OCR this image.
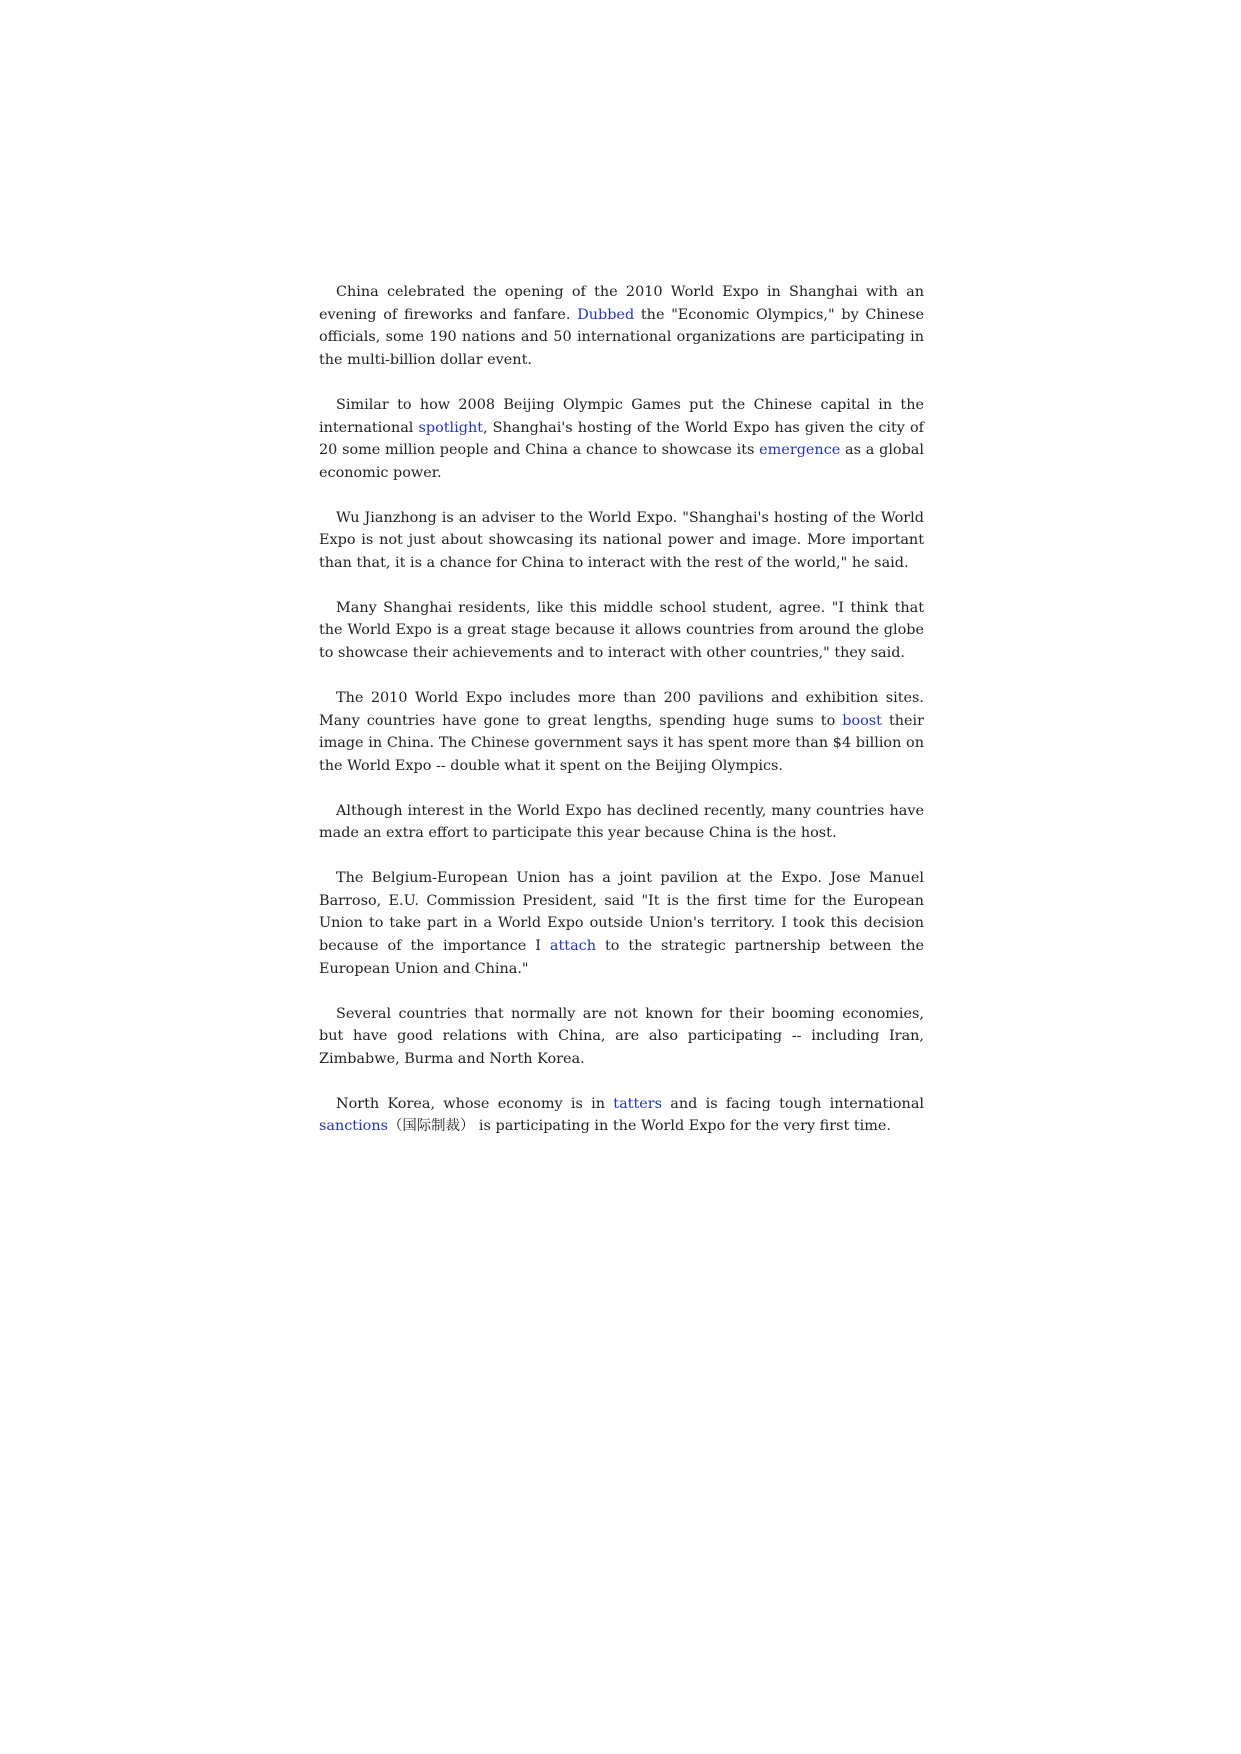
China celebrated the opening of the 2010 World Expo in Shanghai with an evening of fireworks and fanfare. Dubbed the "Economic Olympics," by Chinese officials, some 190 nations and 50 international organizations are participating in the multi-billion dollar event.

Similar to how 2008 Beijing Olympic Games put the Chinese capital in the international spotlight, Shanghai's hosting of the World Expo has given the city of 20 some million people and China a chance to showcase its emergence as a global economic power.

Wu Jianzhong is an adviser to the World Expo. "Shanghai's hosting of the World Expo is not just about showcasing its national power and image. More important than that, it is a chance for China to interact with the rest of the world," he said.

Many Shanghai residents, like this middle school student, agree. "I think that the World Expo is a great stage because it allows countries from around the globe to showcase their achievements and to interact with other countries," they said.

The 2010 World Expo includes more than 200 pavilions and exhibition sites. Many countries have gone to great lengths, spending huge sums to boost their image in China. The Chinese government says it has spent more than $4 billion on the World Expo -- double what it spent on the Beijing Olympics.

Although interest in the World Expo has declined recently, many countries have made an extra effort to participate this year because China is the host.

The Belgium-European Union has a joint pavilion at the Expo. Jose Manuel Barroso, E.U. Commission President, said "It is the first time for the European Union to take part in a World Expo outside Union's territory. I took this decision because of the importance I attach to the strategic partnership between the European Union and China."

Several countries that normally are not known for their booming economies, but have good relations with China, are also participating -- including Iran, Zimbabwe, Burma and North Korea.

North Korea, whose economy is in tatters and is facing tough international sanctions（国际制裁） is participating in the World Expo for the very first time.
